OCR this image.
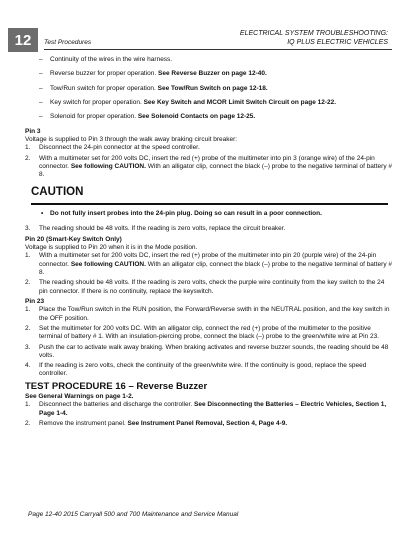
12 Test Procedures
ELECTRICAL SYSTEM TROUBLESHOOTING:
IQ PLUS ELECTRIC VEHICLES
–	Continuity of the wires in the wire harness.

–	Reverse buzzer for proper operation. See Reverse Buzzer on page 12-40.

–	Tow/Run switch for proper operation. See Tow/Run Switch on page 12-18.

–	Key switch for proper operation. See Key Switch and MCOR Limit Switch Circuit on page 12-22.

–	Solenoid for proper operation. See Solenoid Contacts on page 12-25.

Pin 3

Voltage is supplied to Pin 3 through the walk away braking circuit breaker:

1.	Disconnect the 24-pin connector at the speed controller.
2.	With a multimeter set for 200 volts DC, insert the red (+) probe of the multimeter into pin 3 (orange wire) of the 24-pin connector. See following CAUTION. With an alligator clip, connect the black (–) probe to the negative terminal of battery # 8.
CAUTION
•	Do not fully insert probes into the 24-pin plug. Doing so can result in a poor connection.
3.	The reading should be 48 volts. If the reading is zero volts, replace the circuit breaker.

Pin 20 (Smart-Key Switch Only)

Voltage is supplied to Pin 20 when it is in the Mode position.

1.	With a multimeter set for 200 volts DC, insert the red (+) probe of the multimeter into pin 20 (purple wire) of the 24-pin connector. See following CAUTION. With an alligator clip, connect the black (–) probe to the negative terminal of battery # 8.
2.	The reading should be 48 volts. If the reading is zero volts, check the purple wire continuity from the key switch to the 24 pin connector. If there is no continuity, replace the keyswitch.

Pin 23

1.	Place the Tow/Run switch in the RUN position, the Forward/Reverse swith in the NEUTRAL position, and the key switch in the OFF position.
2.	Set the multimeter for 200 volts DC. With an alligator clip, connect the red (+) probe of the multimeter to the positive terminal of battery # 1. With an insulation-piercing probe, connect the black (–) probe to the green/white wire at Pin 23.
3.	Push the car to activate walk away braking. When braking activates and reverse buzzer sounds, the reading should be 48 volts.
4.	If the reading is zero volts, check the continuity of the green/white wire. If the continuity is good, replace the speed controller.

TEST PROCEDURE 16 – Reverse Buzzer

See General Warnings on page 1-2.

1.	Disconnect the batteries and discharge the controller. See Disconnecting the Batteries – Electric Vehicles, Section 1, Page 1-4.
2.	Remove the instrument panel. See Instrument Panel Removal, Section 4, Page 4-9.
Page 12-40 2015 Carryall 500 and 700 Maintenance and Service Manual
